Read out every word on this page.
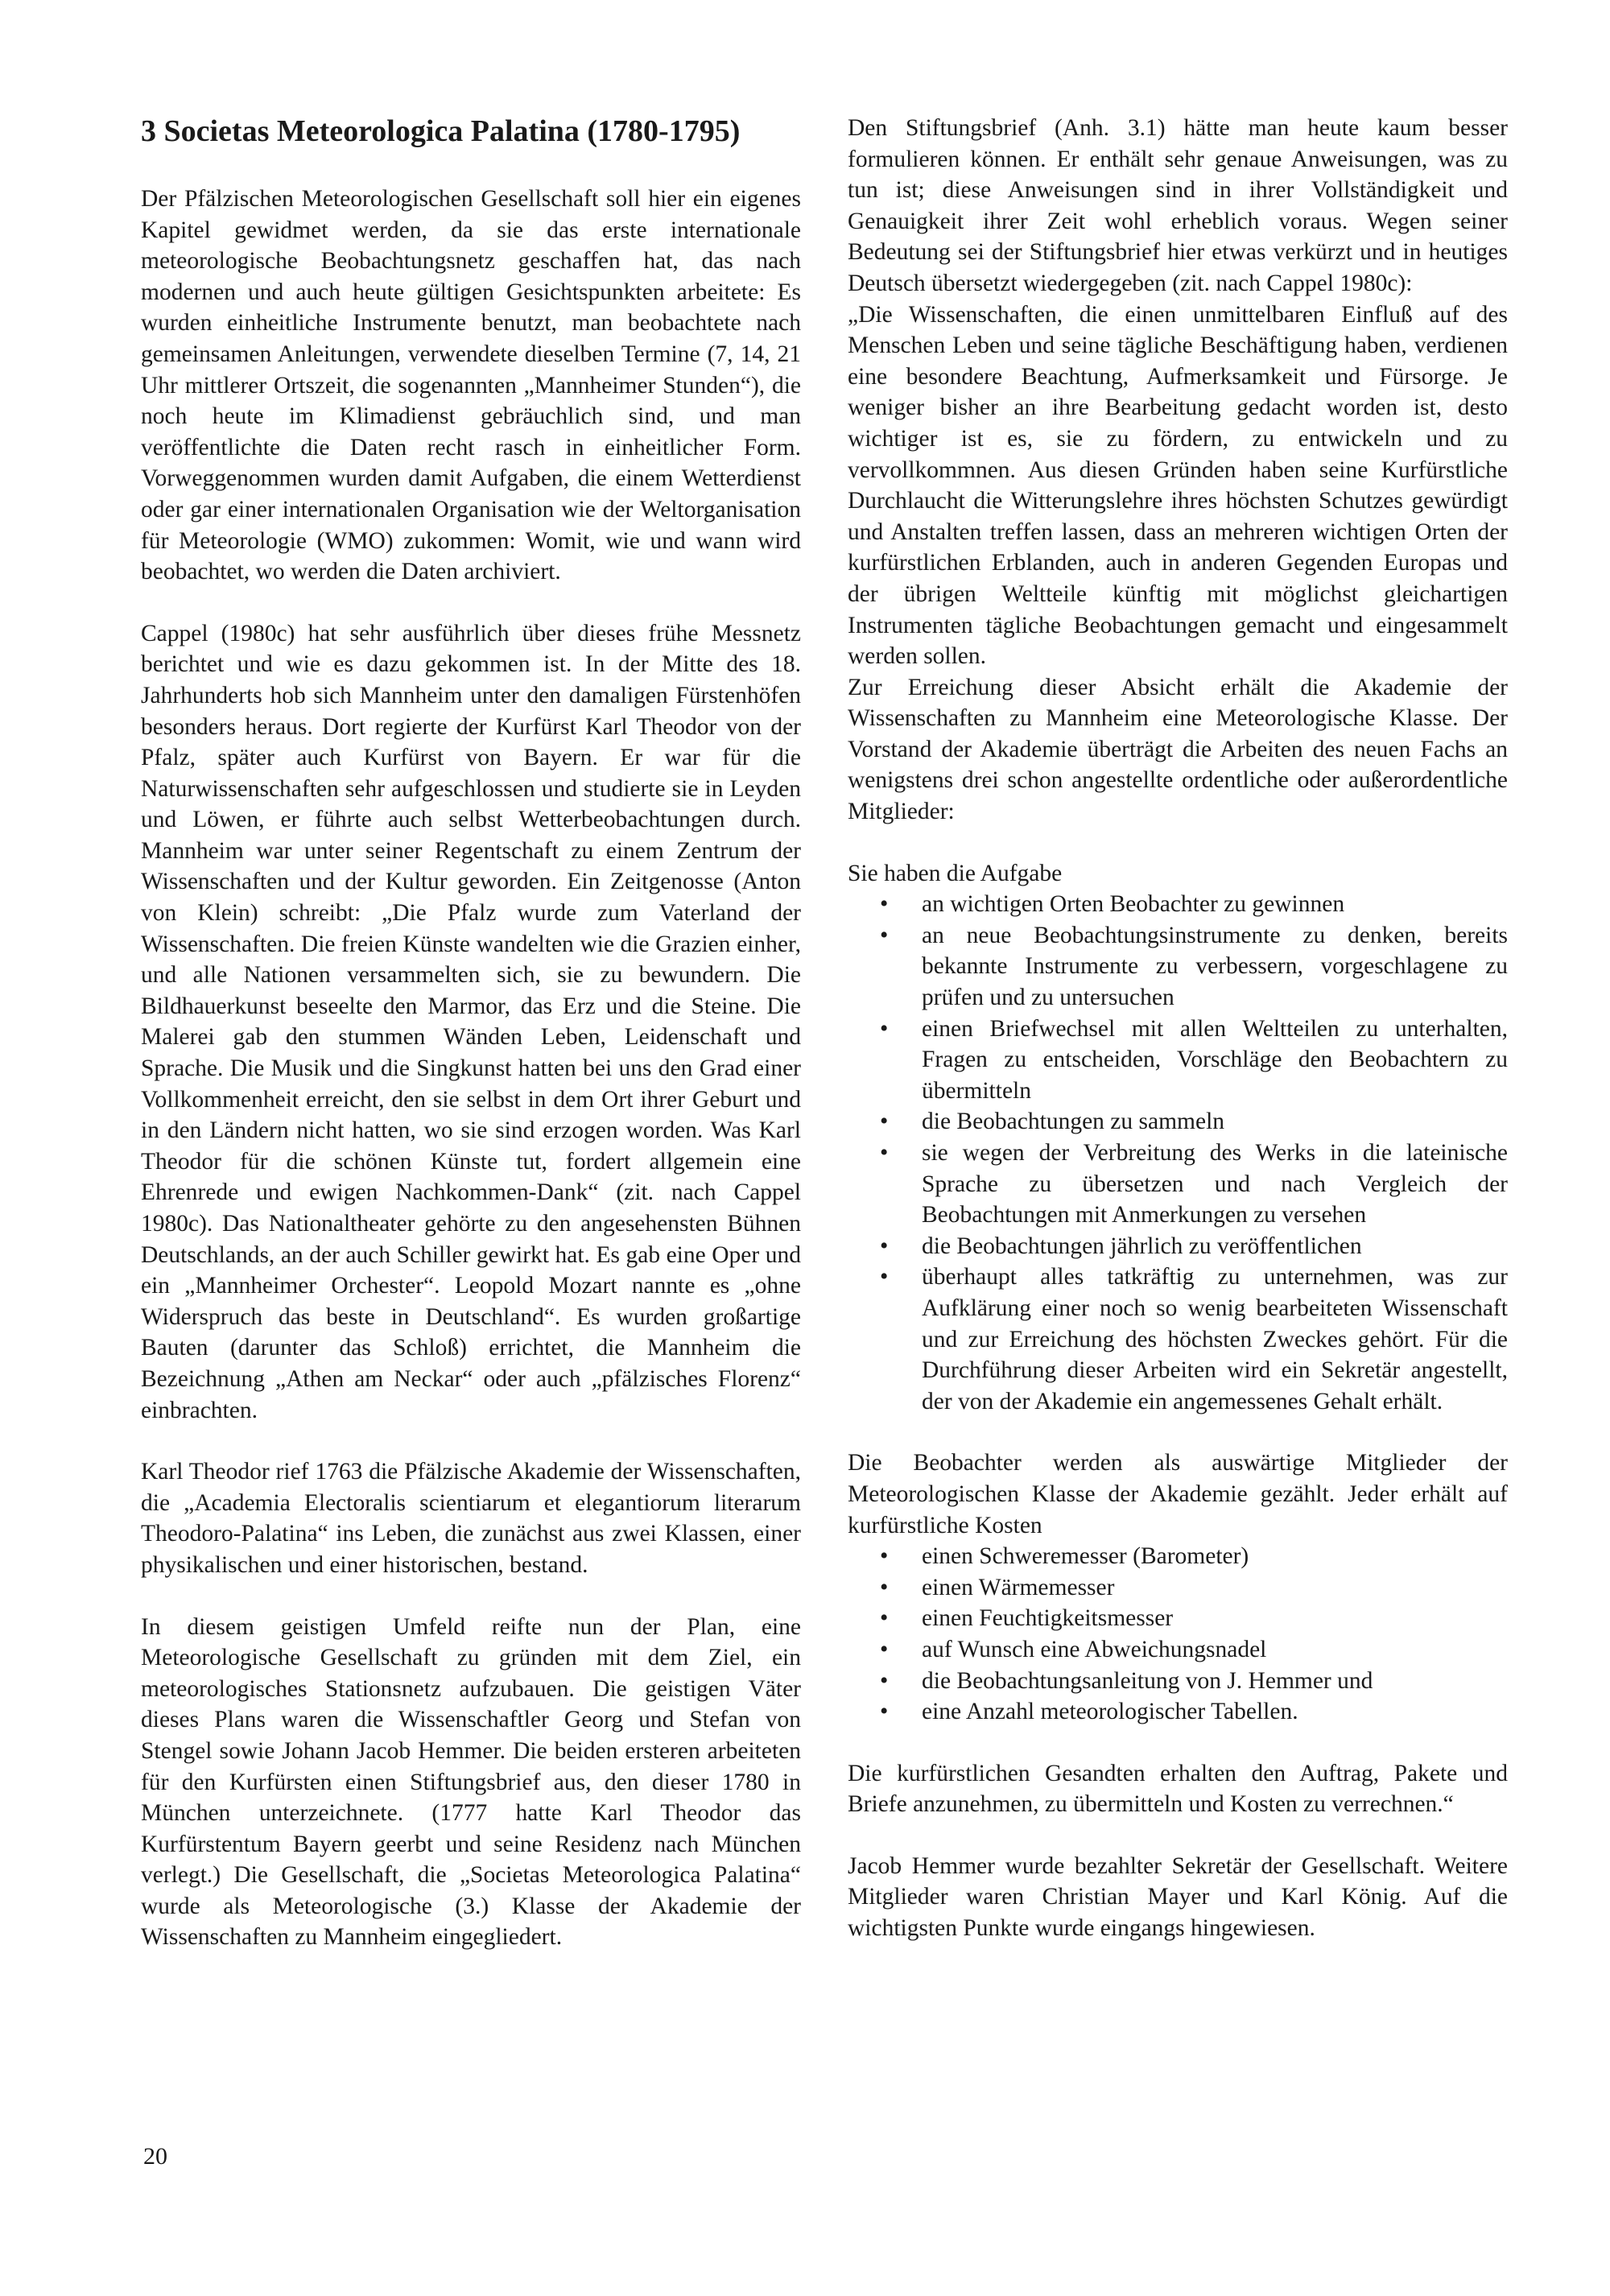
3 Societas Meteorologica Palatina (1780-1795)

Der Pfälzischen Meteorologischen Gesellschaft soll hier ein eigenes Kapitel gewidmet werden, da sie das erste internationale meteorologische Beobachtungsnetz geschaffen hat, das nach modernen und auch heute gültigen Gesichtspunkten arbeitete: Es wurden einheitliche Instrumente benutzt, man beobachtete nach gemeinsamen Anleitungen, verwendete dieselben Termine (7, 14, 21 Uhr mittlerer Ortszeit, die sogenannten „Mannheimer Stunden“), die noch heute im Klimadienst gebräuchlich sind, und man veröffentlichte die Daten recht rasch in einheitlicher Form. Vorweggenommen wurden damit Aufgaben, die einem Wetterdienst oder gar einer internationalen Organisation wie der Weltorganisation für Meteorologie (WMO) zukommen: Womit, wie und wann wird beobachtet, wo werden die Daten archiviert.

Cappel (1980c) hat sehr ausführlich über dieses frühe Messnetz berichtet und wie es dazu gekommen ist. In der Mitte des 18. Jahrhunderts hob sich Mannheim unter den damaligen Fürstenhöfen besonders heraus. Dort regierte der Kurfürst Karl Theodor von der Pfalz, später auch Kurfürst von Bayern. Er war für die Naturwissenschaften sehr aufgeschlossen und studierte sie in Leyden und Löwen, er führte auch selbst Wetterbeobachtungen durch. Mannheim war unter seiner Regentschaft zu einem Zentrum der Wissenschaften und der Kultur geworden. Ein Zeitgenosse (Anton von Klein) schreibt: „Die Pfalz wurde zum Vaterland der Wissenschaften. Die freien Künste wandelten wie die Grazien einher, und alle Nationen versammelten sich, sie zu bewundern. Die Bildhauerkunst beseelte den Marmor, das Erz und die Steine. Die Malerei gab den stummen Wänden Leben, Leidenschaft und Sprache. Die Musik und die Singkunst hatten bei uns den Grad einer Vollkommenheit erreicht, den sie selbst in dem Ort ihrer Geburt und in den Ländern nicht hatten, wo sie sind erzogen worden. Was Karl Theodor für die schönen Künste tut, fordert allgemein eine Ehrenrede und ewigen Nachkommen-Dank“ (zit. nach Cappel 1980c). Das Nationaltheater gehörte zu den angesehensten Bühnen Deutschlands, an der auch Schiller gewirkt hat. Es gab eine Oper und ein „Mannheimer Orchester“. Leopold Mozart nannte es „ohne Widerspruch das beste in Deutschland“. Es wurden großartige Bauten (darunter das Schloß) errichtet, die Mannheim die Bezeichnung „Athen am Neckar“ oder auch „pfälzisches Florenz“ einbrachten.

Karl Theodor rief 1763 die Pfälzische Akademie der Wissenschaften, die „Academia Electoralis scientiarum et elegantiorum literarum Theodoro-Palatina“ ins Leben, die zunächst aus zwei Klassen, einer physikalischen und einer historischen, bestand.

In diesem geistigen Umfeld reifte nun der Plan, eine Meteorologische Gesellschaft zu gründen mit dem Ziel, ein meteorologisches Stationsnetz aufzubauen. Die geistigen Väter dieses Plans waren die Wissenschaftler Georg und Stefan von Stengel sowie Johann Jacob Hemmer. Die beiden ersteren arbeiteten für den Kurfürsten einen Stiftungsbrief aus, den dieser 1780 in München unterzeichnete. (1777 hatte Karl Theodor das Kurfürstentum Bayern geerbt und seine Residenz nach München verlegt.) Die Gesellschaft, die „Societas Meteorologica Palatina“ wurde als Meteorologische (3.) Klasse der Akademie der Wissenschaften zu Mannheim eingegliedert.

Den Stiftungsbrief (Anh. 3.1) hätte man heute kaum besser formulieren können. Er enthält sehr genaue Anweisungen, was zu tun ist; diese Anweisungen sind in ihrer Vollständigkeit und Genauigkeit ihrer Zeit wohl erheblich voraus. Wegen seiner Bedeutung sei der Stiftungsbrief hier etwas verkürzt und in heutiges Deutsch übersetzt wiedergegeben (zit. nach Cappel 1980c):

„Die Wissenschaften, die einen unmittelbaren Einfluß auf des Menschen Leben und seine tägliche Beschäftigung haben, verdienen eine besondere Beachtung, Aufmerksamkeit und Fürsorge. Je weniger bisher an ihre Bearbeitung gedacht worden ist, desto wichtiger ist es, sie zu fördern, zu entwickeln und zu vervollkommnen. Aus diesen Gründen haben seine Kurfürstliche Durchlaucht die Witterungslehre ihres höchsten Schutzes gewürdigt und Anstalten treffen lassen, dass an mehreren wichtigen Orten der kurfürstlichen Erblanden, auch in anderen Gegenden Europas und der übrigen Weltteile künftig mit möglichst gleichartigen Instrumenten tägliche Beobachtungen gemacht und eingesammelt werden sollen.

Zur Erreichung dieser Absicht erhält die Akademie der Wissenschaften zu Mannheim eine Meteorologische Klasse. Der Vorstand der Akademie überträgt die Arbeiten des neuen Fachs an wenigstens drei schon angestellte ordentliche oder außerordentliche Mitglieder:

Sie haben die Aufgabe

• an wichtigen Orten Beobachter zu gewinnen
• an neue Beobachtungsinstrumente zu denken, bereits bekannte Instrumente zu verbessern, vorgeschlagene zu prüfen und zu untersuchen
• einen Briefwechsel mit allen Weltteilen zu unterhalten, Fragen zu entscheiden, Vorschläge den Beobachtern zu übermitteln
• die Beobachtungen zu sammeln
• sie wegen der Verbreitung des Werks in die lateinische Sprache zu übersetzen und nach Vergleich der Beobachtungen mit Anmerkungen zu versehen
• die Beobachtungen jährlich zu veröffentlichen
• überhaupt alles tatkräftig zu unternehmen, was zur Aufklärung einer noch so wenig bearbeiteten Wissenschaft und zur Erreichung des höchsten Zweckes gehört. Für die Durchführung dieser Arbeiten wird ein Sekretär angestellt, der von der Akademie ein angemessenes Gehalt erhält.

Die Beobachter werden als auswärtige Mitglieder der Meteorologischen Klasse der Akademie gezählt. Jeder erhält auf kurfürstliche Kosten

• einen Schweremesser (Barometer)
• einen Wärmemesser
• einen Feuchtigkeitsmesser
• auf Wunsch eine Abweichungsnadel
• die Beobachtungsanleitung von J. Hemmer und
• eine Anzahl meteorologischer Tabellen.

Die kurfürstlichen Gesandten erhalten den Auftrag, Pakete und Briefe anzunehmen, zu übermitteln und Kosten zu verrechnen.“

Jacob Hemmer wurde bezahlter Sekretär der Gesellschaft. Weitere Mitglieder waren Christian Mayer und Karl König. Auf die wichtigsten Punkte wurde eingangs hingewiesen.

20
